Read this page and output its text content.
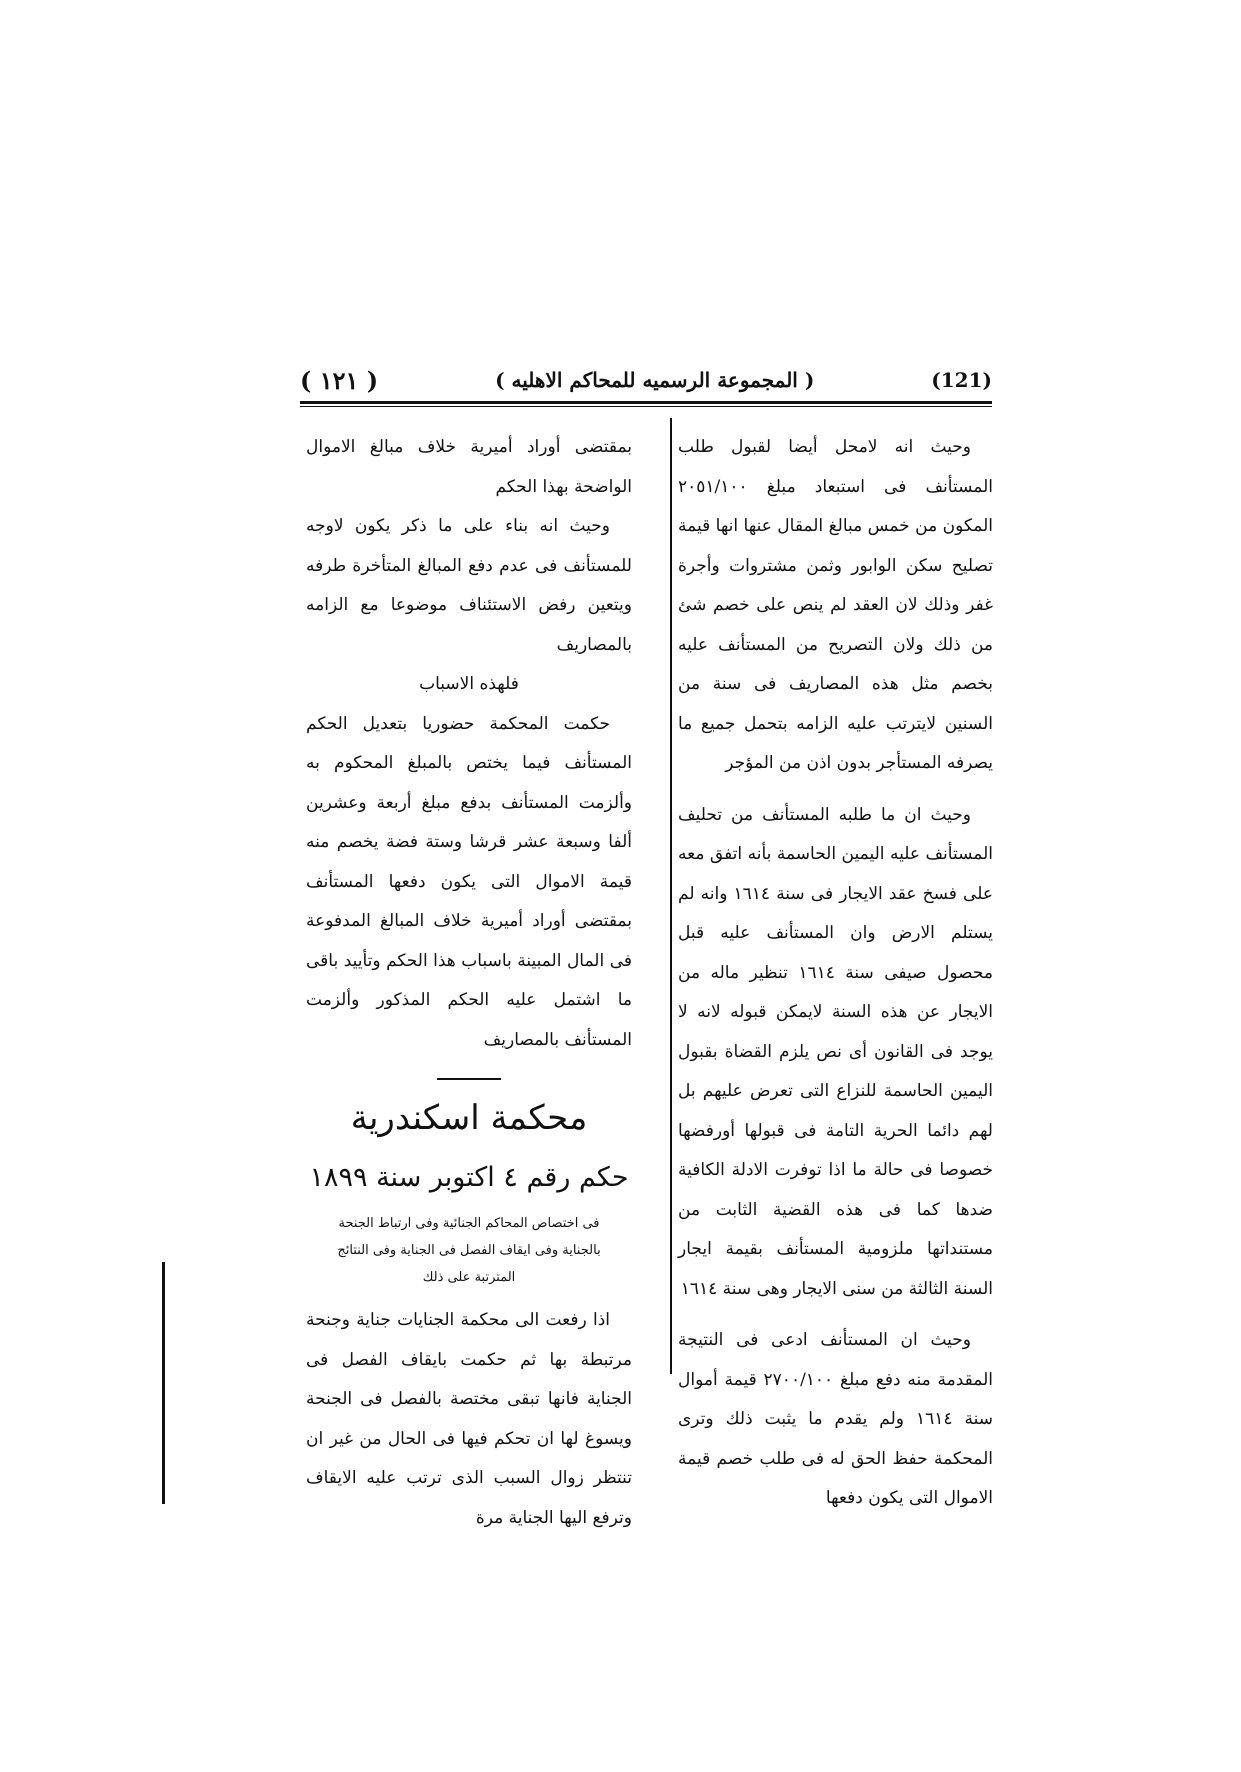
( ١٢١ )	( المجموعة الرسميه للمحاكم الاهليه )	(121)

وحيث انه لامحل أيضا لقبول طلب المستأنف فى استبعاد مبلغ ٢٠٥١/١٠٠ المكون من خمس مبالغ المقال عنها انها قيمة تصليح سكن الوابور وثمن مشتروات وأجرة غفر وذلك لان العقد لم ينص على خصم شئ من ذلك ولان التصريح من المستأنف عليه بخصم مثل هذه المصاريف فى سنة من السنين لايترتب عليه الزامه بتحمل جميع ما يصرفه المستأجر بدون اذن من المؤجر

وحيث ان ما طلبه المستأنف من تحليف المستأنف عليه اليمين الحاسمة بأنه اتفق معه على فسخ عقد الايجار فى سنة ١٦١٤ وانه لم يستلم الارض وان المستأنف عليه قبل محصول صيفى سنة ١٦١٤ تنظير ماله من الايجار عن هذه السنة لايمكن قبوله لانه لا يوجد فى القانون أى نص يلزم القضاة بقبول اليمين الحاسمة للنزاع التى تعرض عليهم بل لهم دائما الحرية التامة فى قبولها أورفضها خصوصا فى حالة ما اذا توفرت الادلة الكافية ضدها كما فى هذه القضية الثابت من مستنداتها ملزومية المستأنف بقيمة ايجار السنة الثالثة من سنى الايجار وهى سنة ١٦١٤

وحيث ان المستأنف ادعى فى النتيجة المقدمة منه دفع مبلغ ٢٧٠٠/١٠٠ قيمة أموال سنة ١٦١٤ ولم يقدم ما يثبت ذلك وترى المحكمة حفظ الحق له فى طلب خصم قيمة الاموال التى يكون دفعها

بمقتضى أوراد أميرية خلاف مبالغ الاموال الواضحة بهذا الحكم

وحيث انه بناء على ما ذكر يكون لاوجه للمستأنف فى عدم دفع المبالغ المتأخرة طرفه ويتعين رفض الاستئناف موضوعا مع الزامه بالمصاريف

فلهذه الاسباب

حكمت المحكمة حضوريا بتعديل الحكم المستأنف فيما يختص بالمبلغ المحكوم به وألزمت المستأنف بدفع مبلغ أربعة وعشرين ألفا وسبعة عشر قرشا وستة فضة يخصم منه قيمة الاموال التى يكون دفعها المستأنف بمقتضى أوراد أميرية خلاف المبالغ المدفوعة فى المال المبينة باسباب هذا الحكم وتأييد باقى ما اشتمل عليه الحكم المذكور وألزمت المستأنف بالمصاريف

محكمة اسكندرية

حكم رقم ٤ اكتوبر سنة ١٨٩٩

فى اختصاص المحاكم الجنائية وفى ارتباط الجنحة بالجناية وفى ايقاف الفصل فى الجناية وفى النتائج المترتبة على ذلك

اذا رفعت الى محكمة الجنايات جناية وجنحة مرتبطة بها ثم حكمت بايقاف الفصل فى الجناية فانها تبقى مختصة بالفصل فى الجنحة ويسوغ لها ان تحكم فيها فى الحال من غير ان تنتظر زوال السبب الذى ترتب عليه الايقاف وترفع اليها الجناية مرة
